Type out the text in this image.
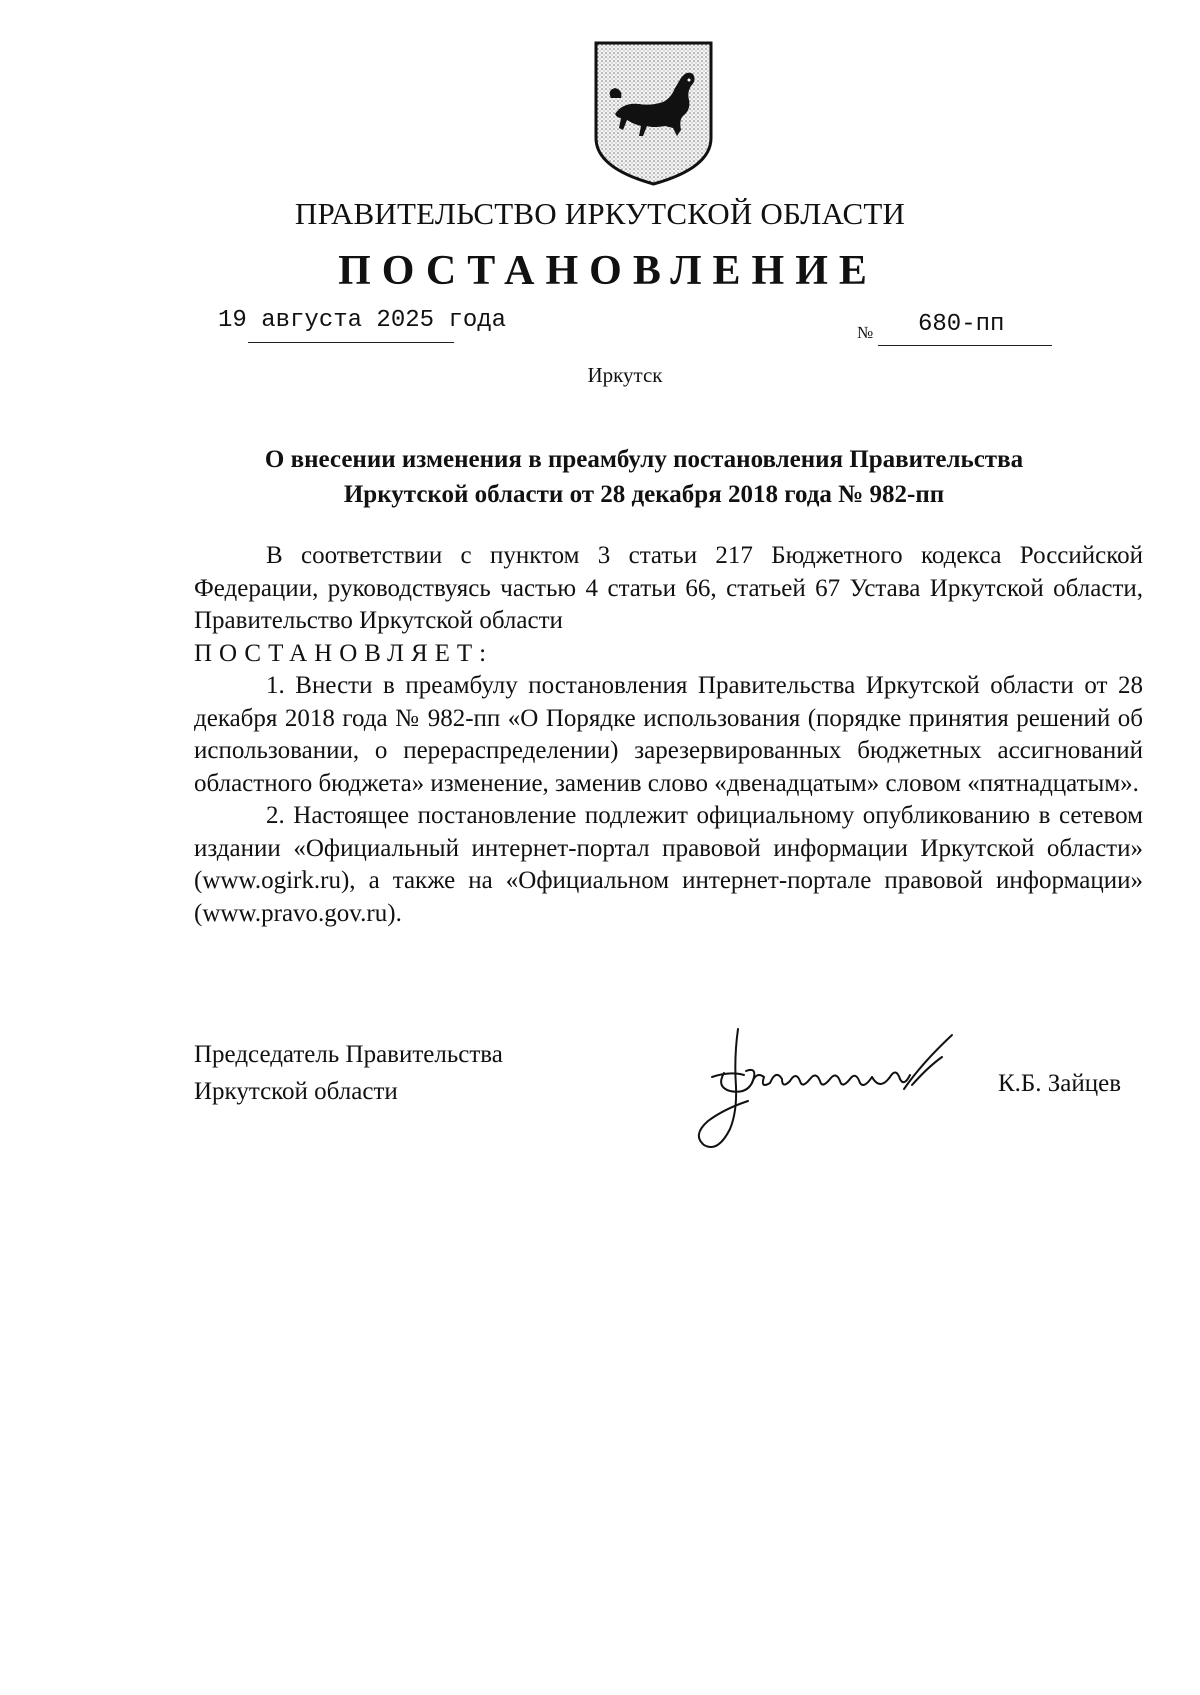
ПРАВИТЕЛЬСТВО ИРКУТСКОЙ ОБЛАСТИ
ПОСТАНОВЛЕНИЕ
19 августа 2025 года	№ 680-пп
Иркутск
О внесении изменения в преамбулу постановления Правительства
Иркутской области от 28 декабря 2018 года № 982-пп

В соответствии с пунктом 3 статьи 217 Бюджетного кодекса Российской Федерации, руководствуясь частью 4 статьи 66, статьей 67 Устава Иркутской области, Правительство Иркутской области

ПОСТАНОВЛЯЕТ:

1. Внести в преамбулу постановления Правительства Иркутской области от 28 декабря 2018 года № 982-пп «О Порядке использования (порядке принятия решений об использовании, о перераспределении) зарезервированных бюджетных ассигнований областного бюджета» изменение, заменив слово «двенадцатым» словом «пятнадцатым».

2. Настоящее постановление подлежит официальному опубликованию в сетевом издании «Официальный интернет-портал правовой информации Иркутской области» (www.ogirk.ru), а также на «Официальном интернет-портале правовой информации» (www.pravo.gov.ru).

Председатель Правительства
Иркутской области	К.Б. Зайцев
